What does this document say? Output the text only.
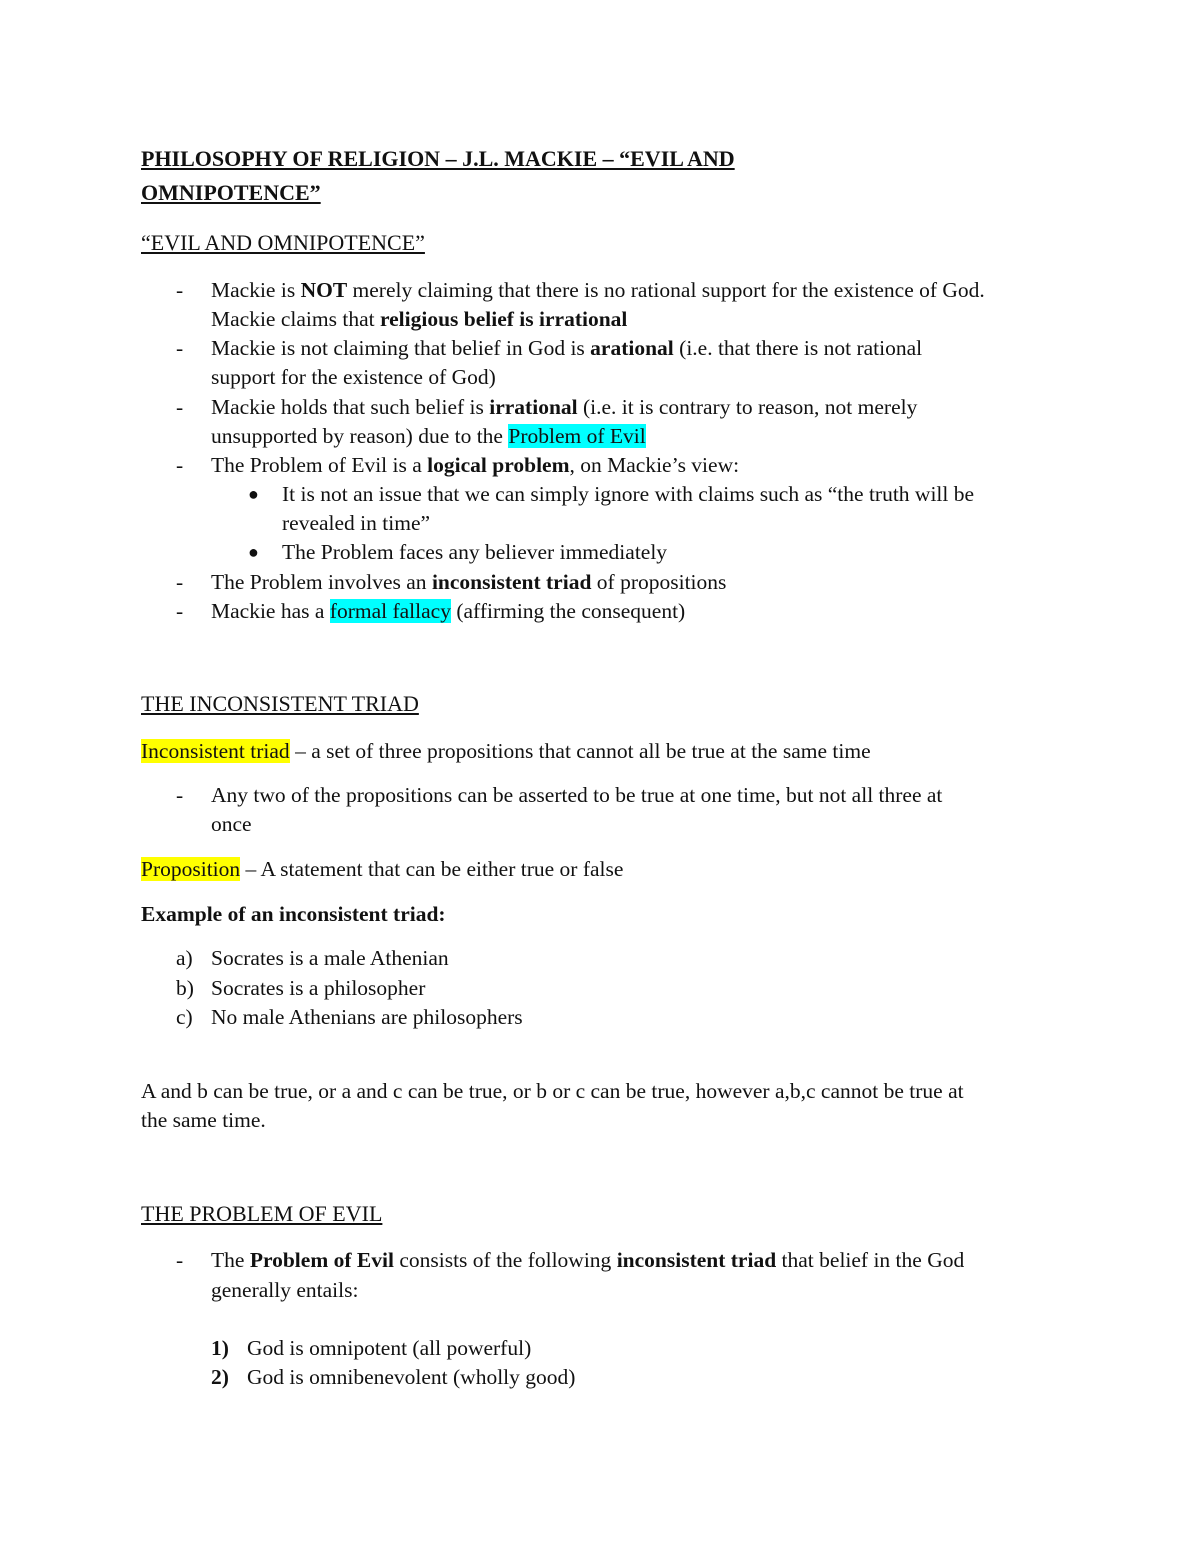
PHILOSOPHY OF RELIGION – J.L. MACKIE – “EVIL AND
OMNIPOTENCE”
“EVIL AND OMNIPOTENCE”
- Mackie is NOT merely claiming that there is no rational support for the existence of God.
Mackie claims that religious belief is irrational
- Mackie is not claiming that belief in God is arational (i.e. that there is not rational
support for the existence of God)
- Mackie holds that such belief is irrational (i.e. it is contrary to reason, not merely
unsupported by reason) due to the Problem of Evil
- The Problem of Evil is a logical problem, on Mackie’s view:
● It is not an issue that we can simply ignore with claims such as “the truth will be
revealed in time”
● The Problem faces any believer immediately
- The Problem involves an inconsistent triad of propositions
- Mackie has a formal fallacy (affirming the consequent)
THE INCONSISTENT TRIAD
Inconsistent triad – a set of three propositions that cannot all be true at the same time
- Any two of the propositions can be asserted to be true at one time, but not all three at
once
Proposition – A statement that can be either true or false
Example of an inconsistent triad:
a) Socrates is a male Athenian
b) Socrates is a philosopher
c) No male Athenians are philosophers
A and b can be true, or a and c can be true, or b or c can be true, however a,b,c cannot be true at
the same time.
THE PROBLEM OF EVIL
- The Problem of Evil consists of the following inconsistent triad that belief in the God
generally entails:
1) God is omnipotent (all powerful)
2) God is omnibenevolent (wholly good)
